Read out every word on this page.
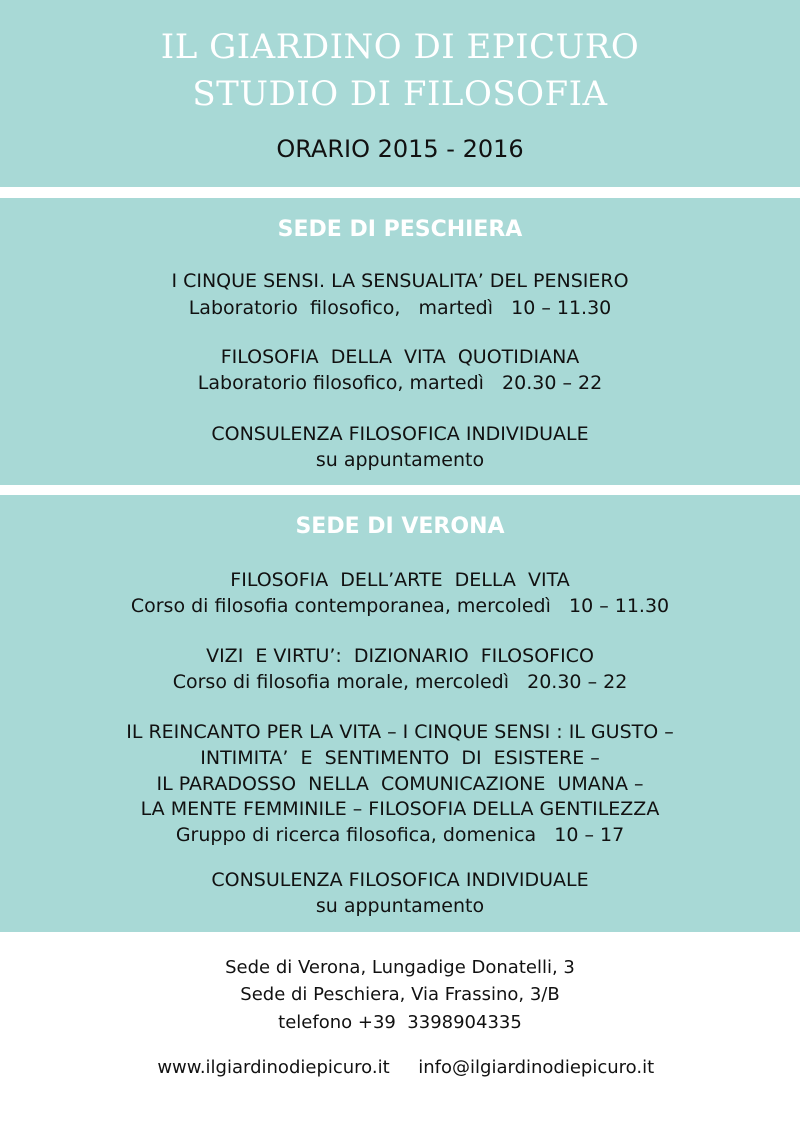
IL GIARDINO DI EPICURO
STUDIO DI FILOSOFIA
ORARIO 2015 - 2016
SEDE DI PESCHIERA
I CINQUE SENSI. LA SENSUALITA’ DEL PENSIERO
Laboratorio  filosofico,   martedì   10 – 11.30
FILOSOFIA  DELLA  VITA  QUOTIDIANA
Laboratorio filosofico, martedì   20.30 – 22
CONSULENZA FILOSOFICA INDIVIDUALE
su appuntamento
SEDE DI VERONA
FILOSOFIA  DELL’ARTE  DELLA  VITA
Corso di filosofia contemporanea, mercoledì   10 – 11.30
VIZI  E VIRTU’:  DIZIONARIO  FILOSOFICO
Corso di filosofia morale, mercoledì   20.30 – 22
IL REINCANTO PER LA VITA – I CINQUE SENSI : IL GUSTO –
INTIMITA’  E  SENTIMENTO  DI  ESISTERE –
IL PARADOSSO  NELLA  COMUNICAZIONE  UMANA –
LA MENTE FEMMINILE – FILOSOFIA DELLA GENTILEZZA
Gruppo di ricerca filosofica, domenica   10 – 17
CONSULENZA FILOSOFICA INDIVIDUALE
su appuntamento
Sede di Verona, Lungadige Donatelli, 3
Sede di Peschiera, Via Frassino, 3/B
telefono +39  3398904335

www.ilgiardinodiepicuro.it info@ilgiardinodiepicuro.it
